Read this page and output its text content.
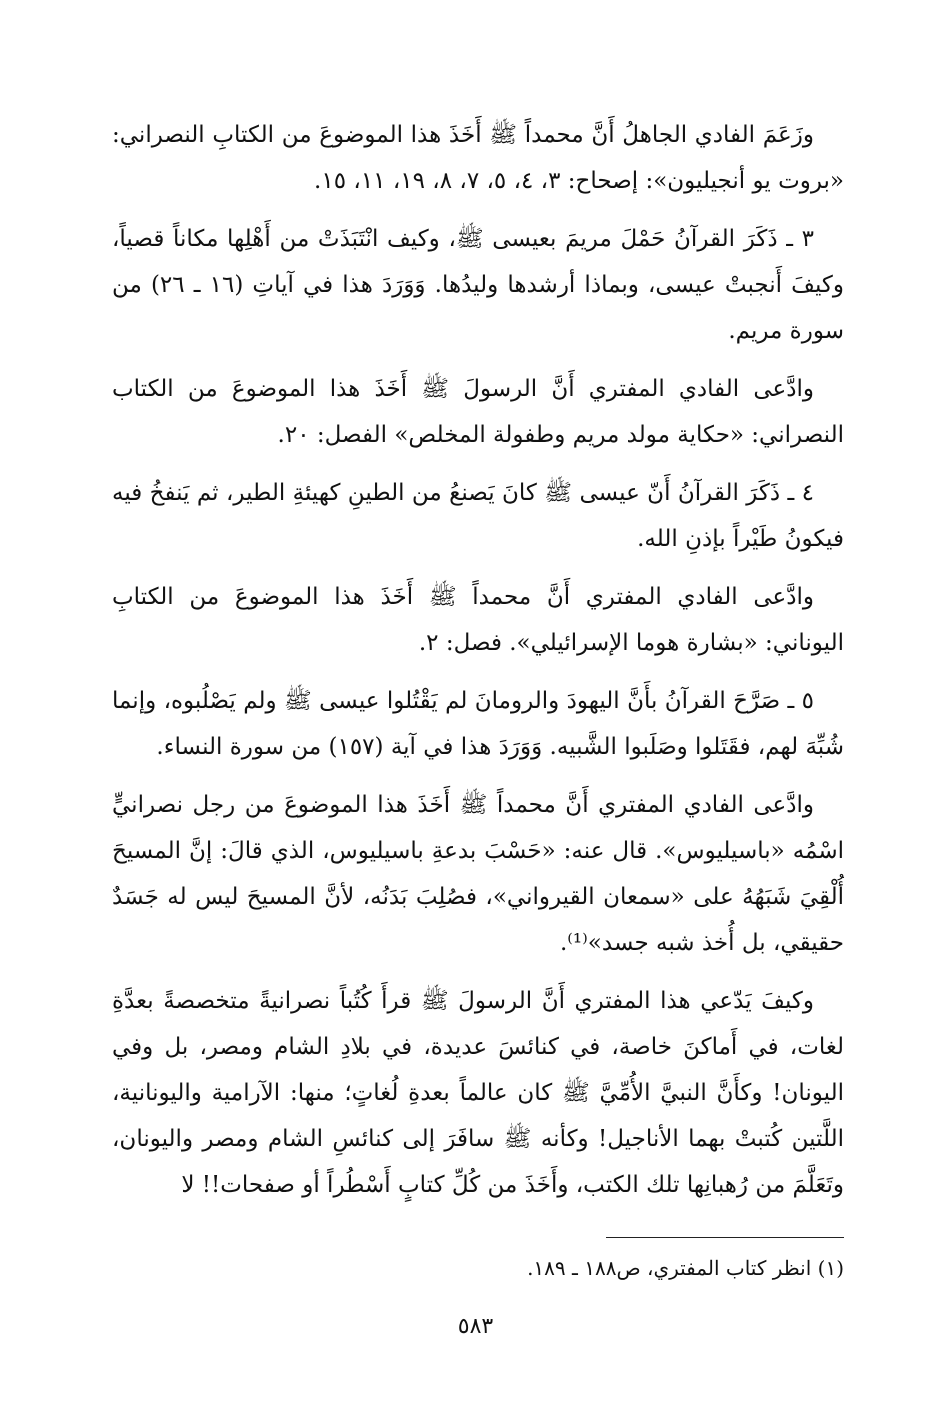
وزَعَمَ الفادي الجاهلُ أَنَّ محمداً ﷺ أَخَذَ هذا الموضوعَ من الكتابِ النصراني: «بروت يو أنجيليون»: إصحاح: ٣، ٤، ٥، ٧، ٨، ١٩، ١١، ١٥.

٣ ـ ذَكَرَ القرآنُ حَمْلَ مريمَ بعيسى ﷺ، وكيف انْتَبَذَتْ من أَهْلِها مكاناً قصياً، وكيفَ أَنجبتْ عيسى، وبماذا أرشدها وليدُها. وَوَرَدَ هذا في آياتِ (١٦ ـ ٢٦) من سورة مريم.

وادَّعى الفادي المفتري أَنَّ الرسولَ ﷺ أَخَذَ هذا الموضوعَ من الكتاب النصراني: «حكاية مولد مريم وطفولة المخلص» الفصل: ٢٠.

٤ ـ ذَكَرَ القرآنُ أَنّ عيسى ﷺ كانَ يَصنعُ من الطينِ كهيئةِ الطير، ثم يَنفخُ فيه فيكونُ طَيْراً بإذنِ الله.

وادَّعى الفادي المفتري أَنَّ محمداً ﷺ أَخَذَ هذا الموضوعَ من الكتابِ اليوناني: «بشارة هوما الإسرائيلي». فصل: ٢.

٥ ـ صَرَّحَ القرآنُ بأَنَّ اليهودَ والرومانَ لم يَقْتُلوا عيسى ﷺ ولم يَصْلُبوه، وإنما شُبِّهَ لهم، فقَتَلوا وصَلَبوا الشَّبيه. وَوَرَدَ هذا في آية (١٥٧) من سورة النساء.

وادَّعى الفادي المفتري أَنَّ محمداً ﷺ أَخَذَ هذا الموضوعَ من رجل نصرانيٍّ اسْمُه «باسيليوس». قال عنه: «حَسْبَ بدعةِ باسيليوس، الذي قالَ: إنَّ المسيحَ أُلْقِيَ شَبَهُهُ على «سمعان القيرواني»، فصُلِبَ بَدَنُه، لأنَّ المسيحَ ليس له جَسَدٌ حقيقي، بل أُخذ شبه جسد»⁽¹⁾.

وكيفَ يَدّعي هذا المفتري أَنَّ الرسولَ ﷺ قرأَ كُتُباً نصرانيةً متخصصةً بعدَّةِ لغات، في أَماكنَ خاصة، في كنائسَ عديدة، في بلادِ الشام ومصر، بل وفي اليونان! وكأَنَّ النبيَّ الأُمِّيَّ ﷺ كان عالماً بعدةِ لُغاتٍ؛ منها: الآرامية واليونانية، اللَّتين كُتبتْ بهما الأناجيل! وكأنه ﷺ سافَرَ إلى كنائسِ الشام ومصر واليونان، وتَعَلَّمَ من رُهبانِها تلك الكتب، وأَخَذَ من كُلِّ كتابٍ أَسْطُراً أو صفحات!! لا

(١) انظر كتاب المفتري، ص١٨٨ ـ ١٨٩.
٥٨٣
